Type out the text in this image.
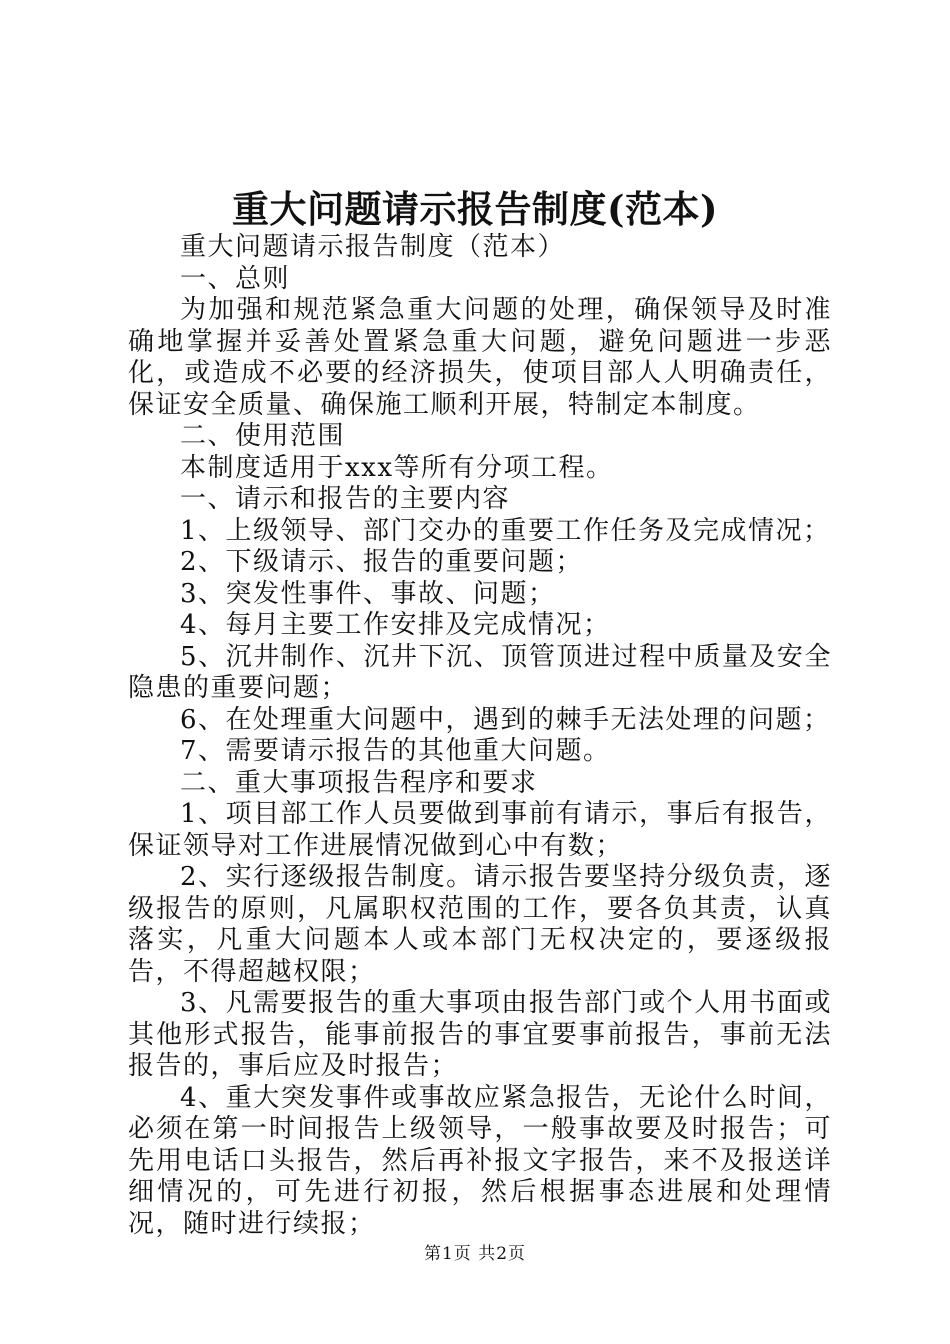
重大问题请示报告制度(范本)

重大问题请示报告制度（范本）

一、总则

为加强和规范紧急重大问题的处理，确保领导及时准确地掌握并妥善处置紧急重大问题，避免问题进一步恶化，或造成不必要的经济损失，使项目部人人明确责任，保证安全质量、确保施工顺利开展，特制定本制度。

二、使用范围

本制度适用于xxx等所有分项工程。

一、请示和报告的主要内容

1、上级领导、部门交办的重要工作任务及完成情况；

2、下级请示、报告的重要问题；

3、突发性事件、事故、问题；

4、每月主要工作安排及完成情况；

5、沉井制作、沉井下沉、顶管顶进过程中质量及安全隐患的重要问题；

6、在处理重大问题中，遇到的棘手无法处理的问题；

7、需要请示报告的其他重大问题。

二、重大事项报告程序和要求

1、项目部工作人员要做到事前有请示，事后有报告，保证领导对工作进展情况做到心中有数；

2、实行逐级报告制度。请示报告要坚持分级负责，逐级报告的原则，凡属职权范围的工作，要各负其责，认真落实，凡重大问题本人或本部门无权决定的，要逐级报告，不得超越权限；

3、凡需要报告的重大事项由报告部门或个人用书面或其他形式报告，能事前报告的事宜要事前报告，事前无法报告的，事后应及时报告；

4、重大突发事件或事故应紧急报告，无论什么时间，必须在第一时间报告上级领导，一般事故要及时报告；可先用电话口头报告，然后再补报文字报告，来不及报送详细情况的，可先进行初报，然后根据事态进展和处理情况，随时进行续报；

第1页 共2页
